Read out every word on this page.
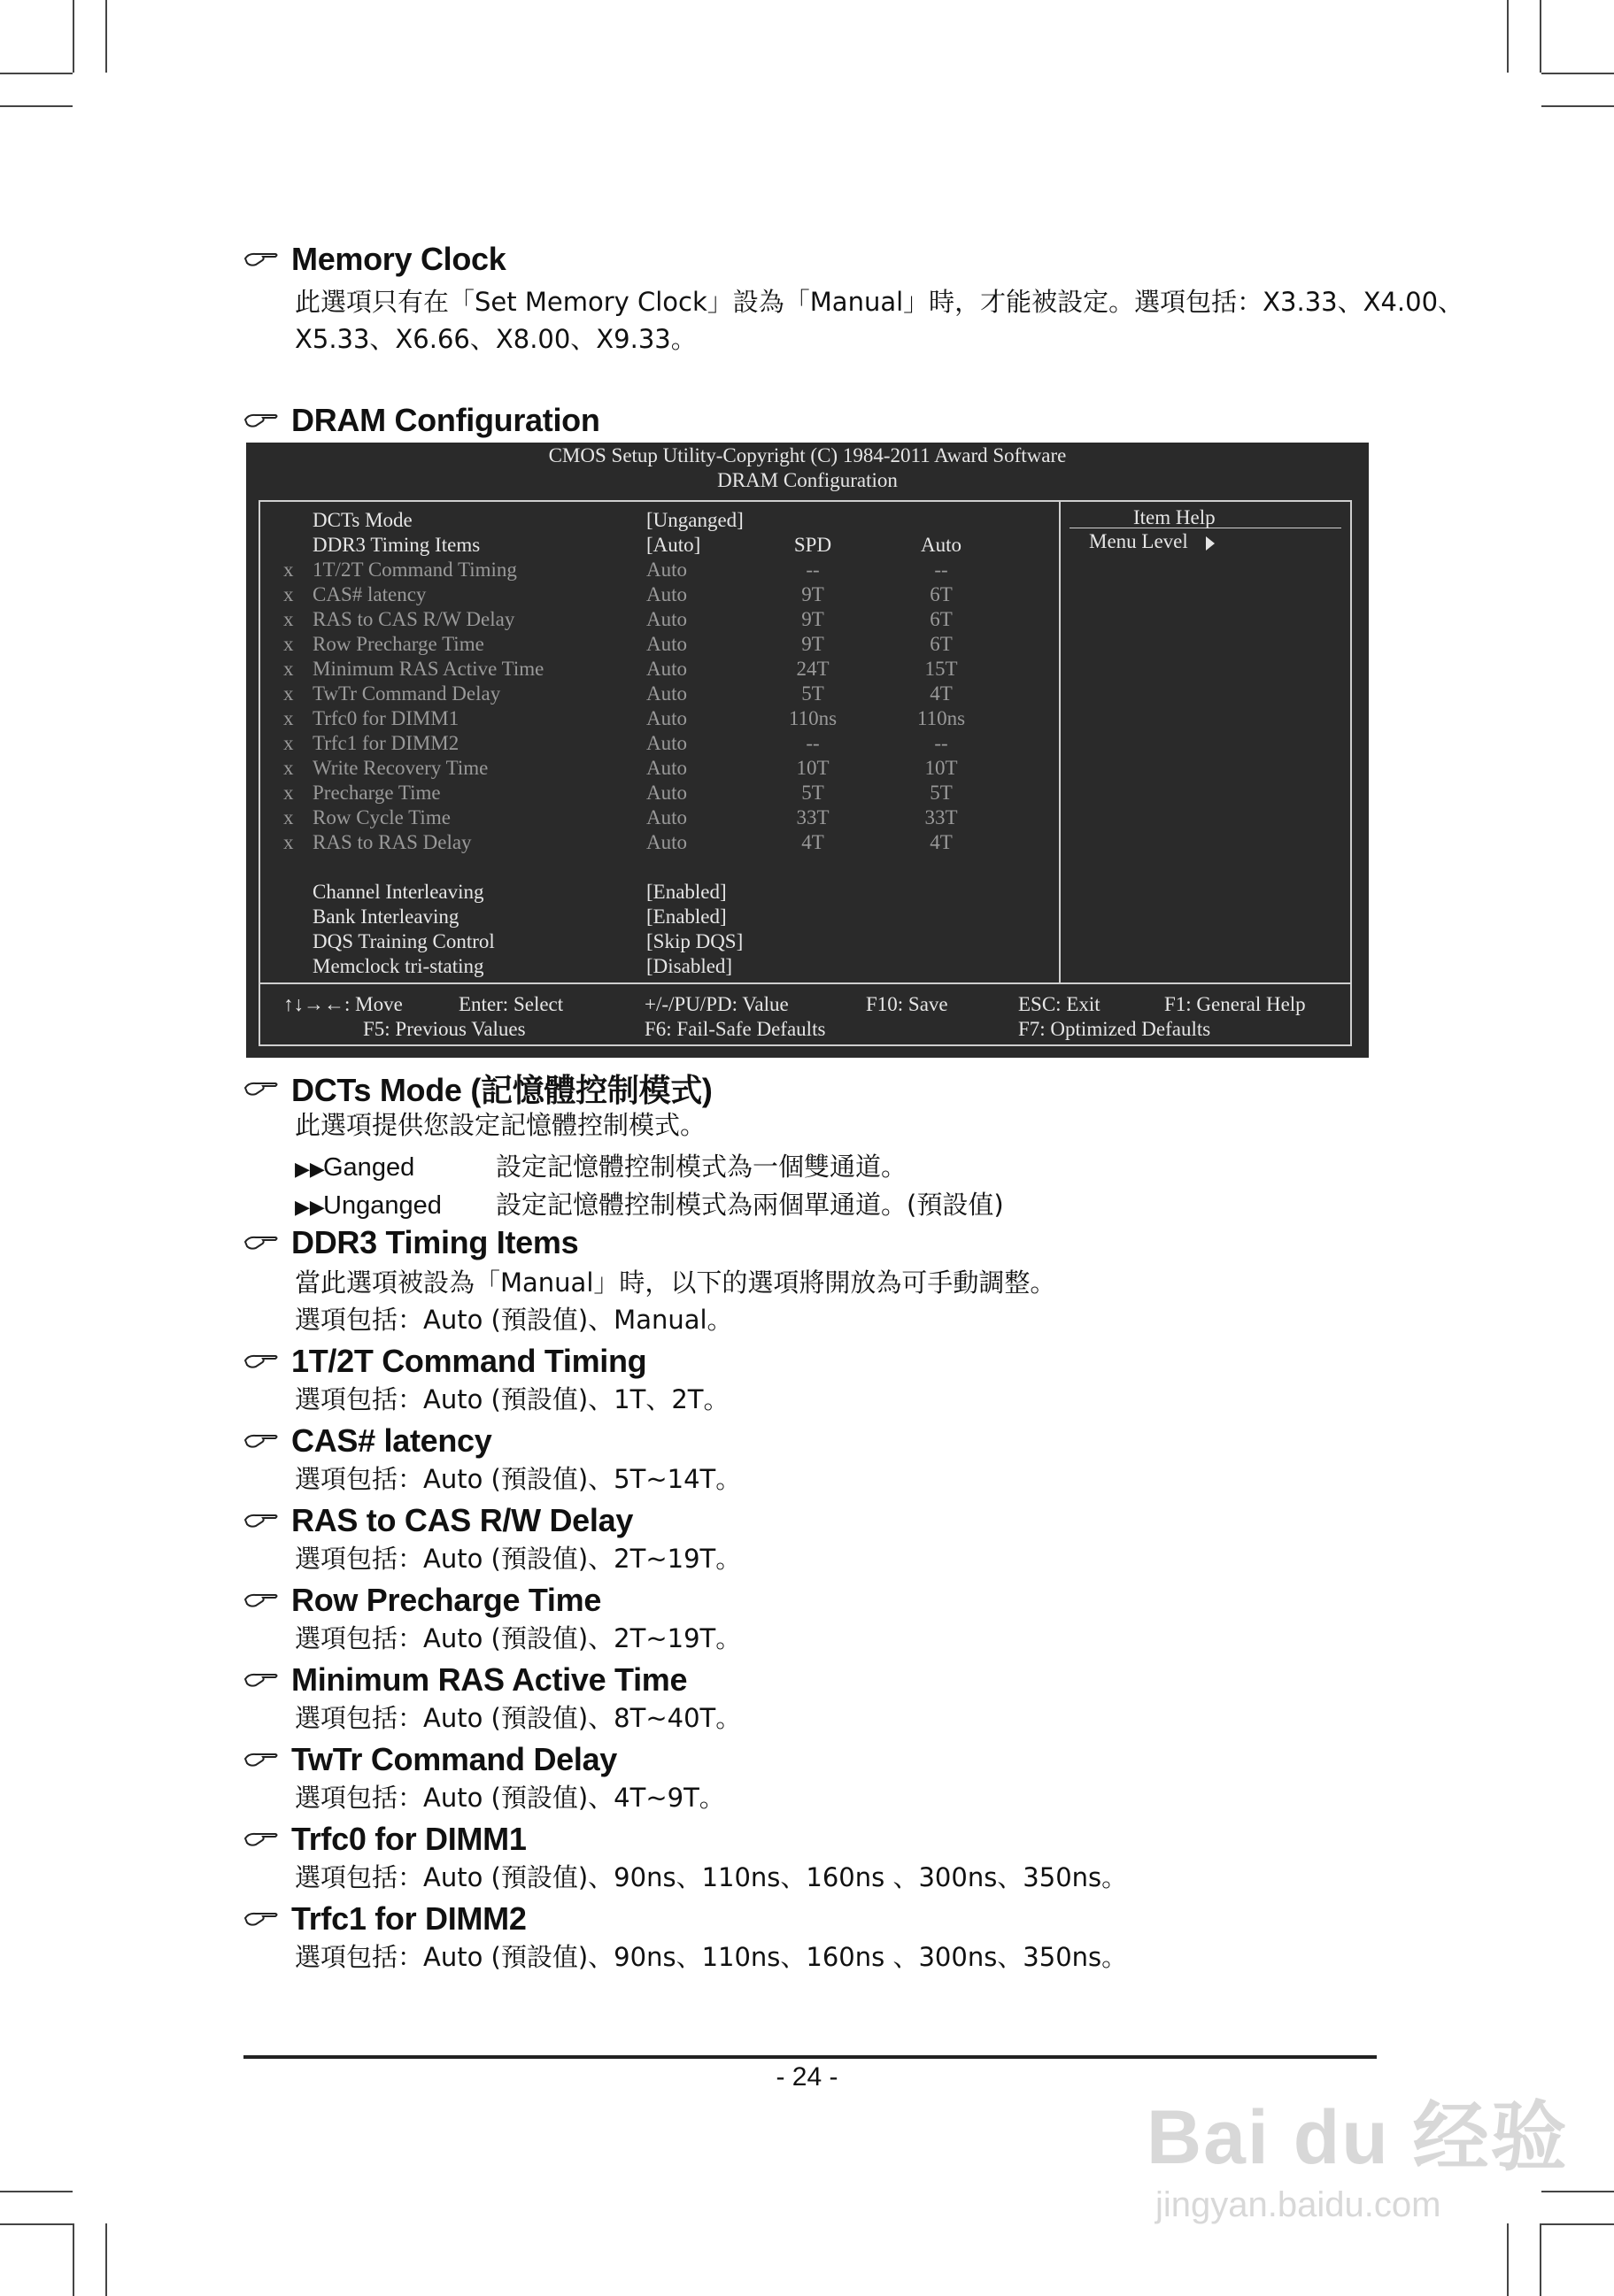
Memory Clock
此選項只有在「Set Memory Clock」設為「Manual」時，才能被設定。選項包括：X3.33、X4.00、
X5.33、X6.66、X8.00、X9.33。
DRAM Configuration
CMOS Setup Utility-Copyright (C) 1984-2011 Award Software
DRAM Configuration
DCTs Mode	[Unganged]
DDR3 Timing Items	[Auto]	SPD	Auto
x 1T/2T Command Timing	Auto	--	--
x CAS# latency	Auto	9T	6T
x RAS to CAS R/W Delay	Auto	9T	6T
x Row Precharge Time	Auto	9T	6T
x Minimum RAS Active Time	Auto	24T	15T
x TwTr Command Delay	Auto	5T	4T
x Trfc0 for DIMM1	Auto	110ns	110ns
x Trfc1 for DIMM2	Auto	--	--
x Write Recovery Time	Auto	10T	10T
x Precharge Time	Auto	5T	5T
x Row Cycle Time	Auto	33T	33T
x RAS to RAS Delay	Auto	4T	4T
Channel Interleaving	[Enabled]
Bank Interleaving	[Enabled]
DQS Training Control	[Skip DQS]
Memclock tri-stating	[Disabled]
Item Help
Menu Level
↑↓→←: Move	Enter: Select	+/-/PU/PD: Value	F10: Save	ESC: Exit	F1: General Help
F5: Previous Values	F6: Fail-Safe Defaults	F7: Optimized Defaults
DCTs Mode (記憶體控制模式)
此選項提供您設定記憶體控制模式。
▶▶Ganged	設定記憶體控制模式為一個雙通道。
▶▶Unganged 設定記憶體控制模式為兩個單通道。(預設值)
DDR3 Timing Items
當此選項被設為「Manual」時，以下的選項將開放為可手動調整。
選項包括：Auto (預設值)、Manual。
1T/2T Command Timing
選項包括：Auto (預設值)、1T、2T。
CAS# latency
選項包括：Auto (預設值)、5T~14T。
RAS to CAS R/W Delay
選項包括：Auto (預設值)、2T~19T。
Row Precharge Time
選項包括：Auto (預設值)、2T~19T。
Minimum RAS Active Time
選項包括：Auto (預設值)、8T~40T。
TwTr Command Delay
選項包括：Auto (預設值)、4T~9T。
Trfc0 for DIMM1
選項包括：Auto (預設值)、90ns、110ns、160ns 、300ns、350ns。
Trfc1 for DIMM2
選項包括：Auto (預設值)、90ns、110ns、160ns 、300ns、350ns。
- 24 -
Bai du 经验
jingyan.baidu.com
